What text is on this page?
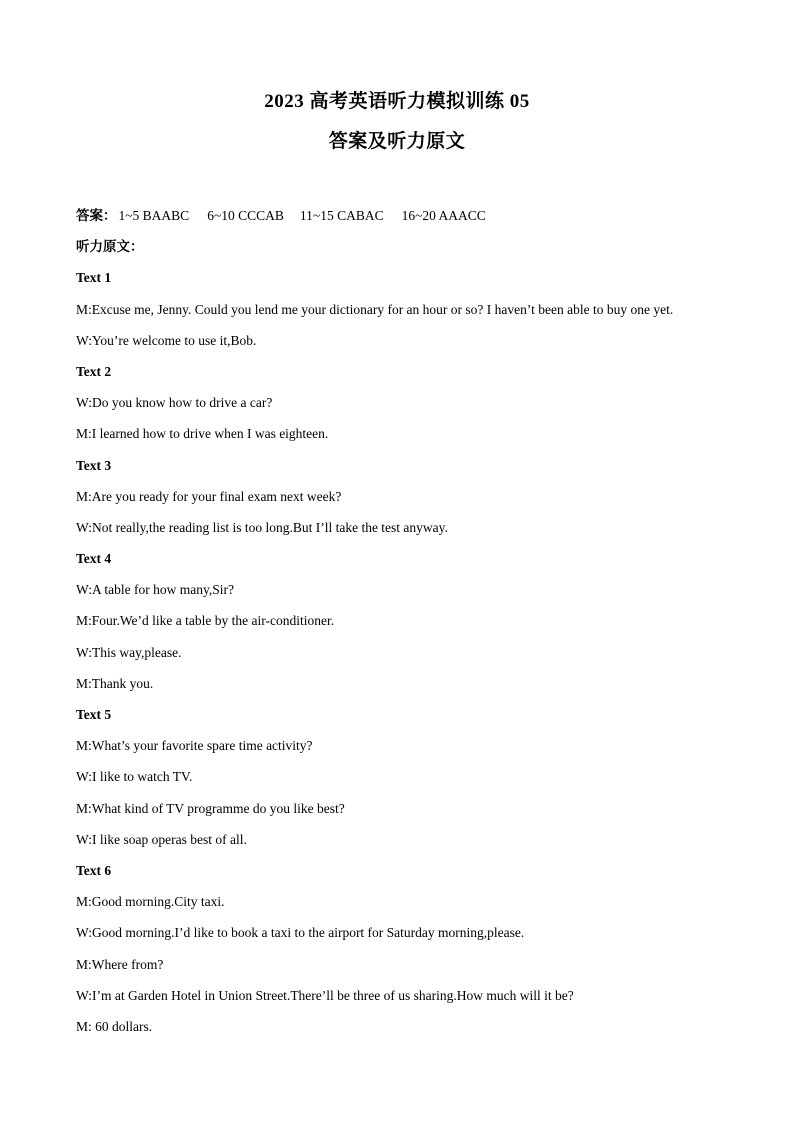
2023 高考英语听力模拟训练 05
答案及听力原文
答案： 1~5 BAABC 6~10 CCCAB 11~15 CABAC 16~20 AAACC
听力原文：
Text 1
M:Excuse me, Jenny. Could you lend me your dictionary for an hour or so? I haven’t been able to buy one yet.
W:You’re welcome to use it,Bob.
Text 2
W:Do you know how to drive a car?
M:I learned how to drive when I was eighteen.
Text 3
M:Are you ready for your final exam next week?
W:Not really,the reading list is too long.But I’ll take the test anyway.
Text 4
W:A table for how many,Sir?
M:Four.We’d like a table by the air-conditioner.
W:This way,please.
M:Thank you.
Text 5
M:What’s your favorite spare time activity?
W:I like to watch TV.
M:What kind of TV programme do you like best?
W:I like soap operas best of all.
Text 6
M:Good morning.City taxi.
W:Good morning.I’d like to book a taxi to the airport for Saturday morning,please.
M:Where from?
W:I’m at Garden Hotel in Union Street.There’ll be three of us sharing.How much will it be?
M: 60 dollars.
